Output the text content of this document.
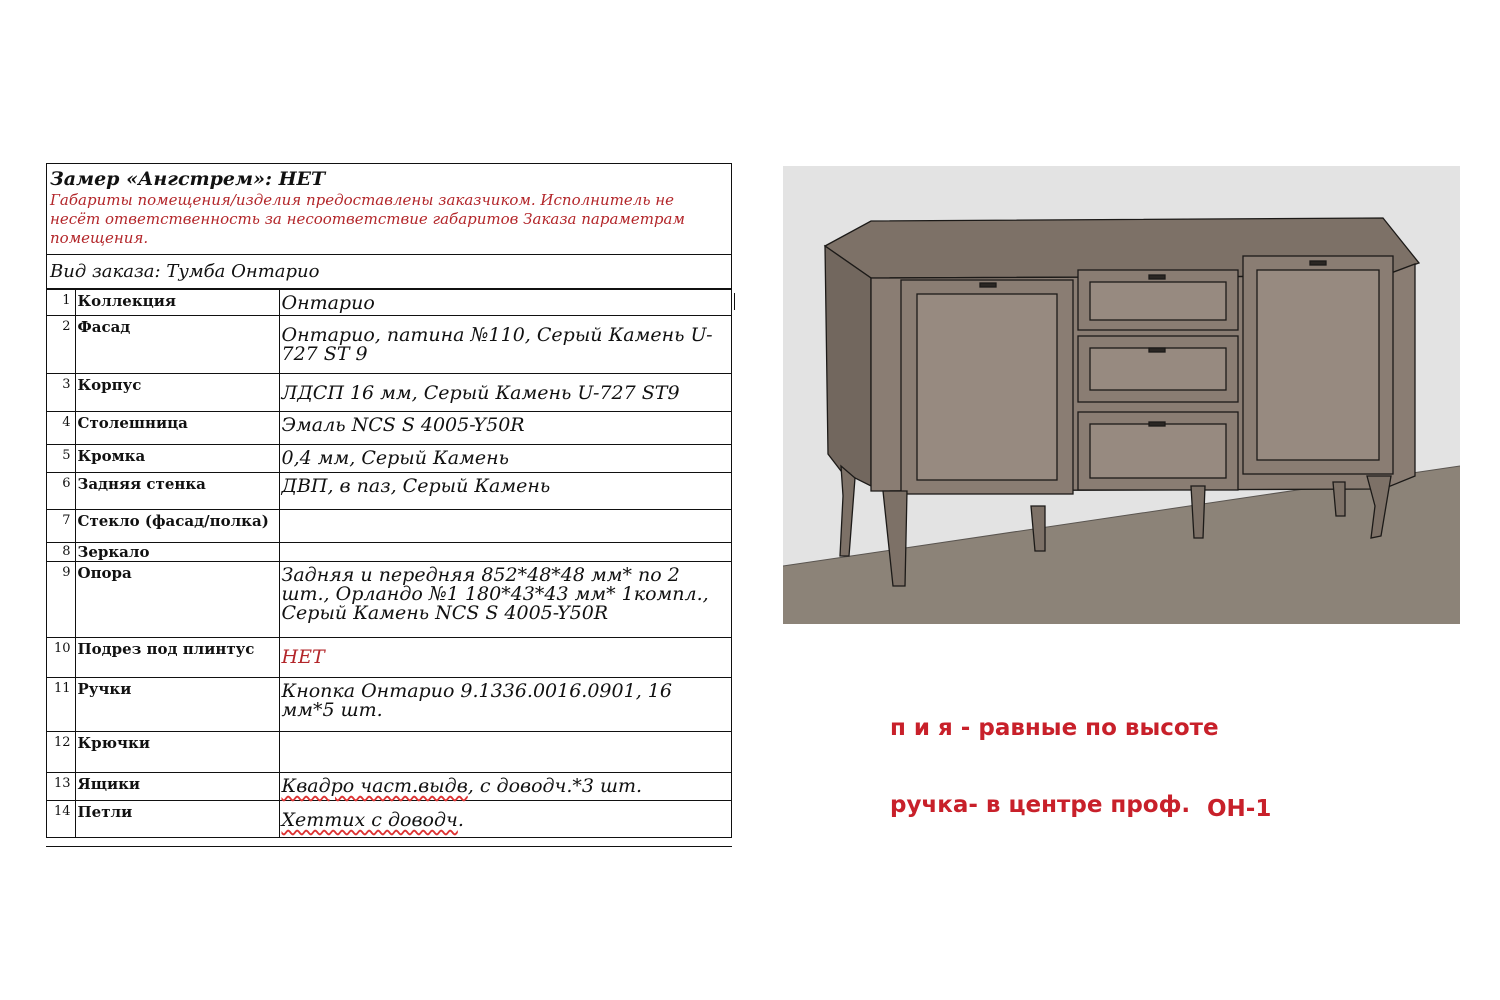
Замер «Ангстрем»: НЕТ
Габариты помещения/изделия предоставлены заказчиком. Исполнитель не несёт ответственность за несоответствие габаритов Заказа параметрам помещения.
Вид заказа: Тумба Онтарио
1	Коллекция	Онтарио
2	Фасад	Онтарио, патина №110, Серый Камень U-727 ST 9
3	Корпус	ЛДСП 16 мм, Серый Камень U-727 ST9
4	Столешница	Эмаль NCS S 4005-Y50R
5	Кромка	0,4 мм, Серый Камень
6	Задняя стенка	ДВП, в паз, Серый Камень
7	Стекло (фасад/полка)	
8	Зеркало	
9	Опора	Задняя и передняя 852*48*48 мм* по 2 шт., Орландо №1 180*43*43 мм* 1компл., Серый Камень NCS S 4005-Y50R
10	Подрез под плинтус	НЕТ
11	Ручки	Кнопка Онтарио 9.1336.0016.0901, 16 мм*5 шт.
12	Крючки	
13	Ящики	Квадро част.выдв, с доводч.*3 шт.
14	Петли	Хеттих с доводч.
п и я - равные по высоте
ручка- в центре проф. ОН-1
